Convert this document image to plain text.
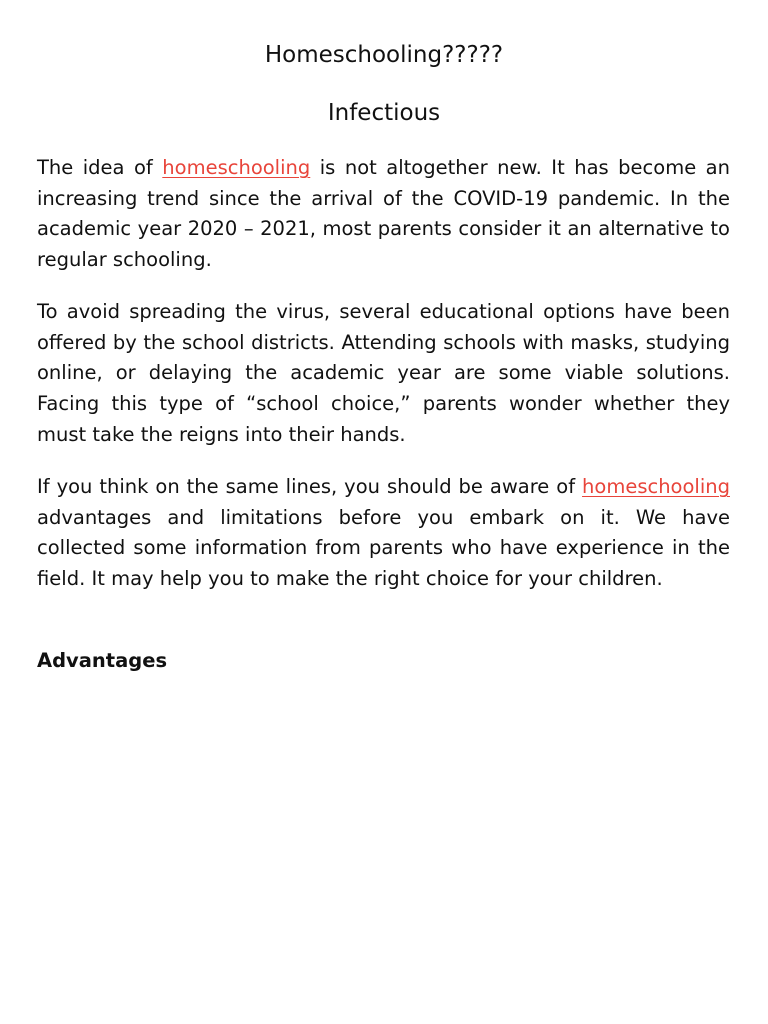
Homeschooling?????
Infectious

The idea of homeschooling is not altogether new. It has become an increasing trend since the arrival of the COVID-19 pandemic. In the academic year 2020 – 2021, most parents consider it an alternative to regular schooling.

To avoid spreading the virus, several educational options have been offered by the school districts. Attending schools with masks, studying online, or delaying the academic year are some viable solutions. Facing this type of “school choice,” parents wonder whether they must take the reigns into their hands.

If you think on the same lines, you should be aware of homeschooling advantages and limitations before you embark on it. We have collected some information from parents who have experience in the field. It may help you to make the right choice for your children.

Advantages
